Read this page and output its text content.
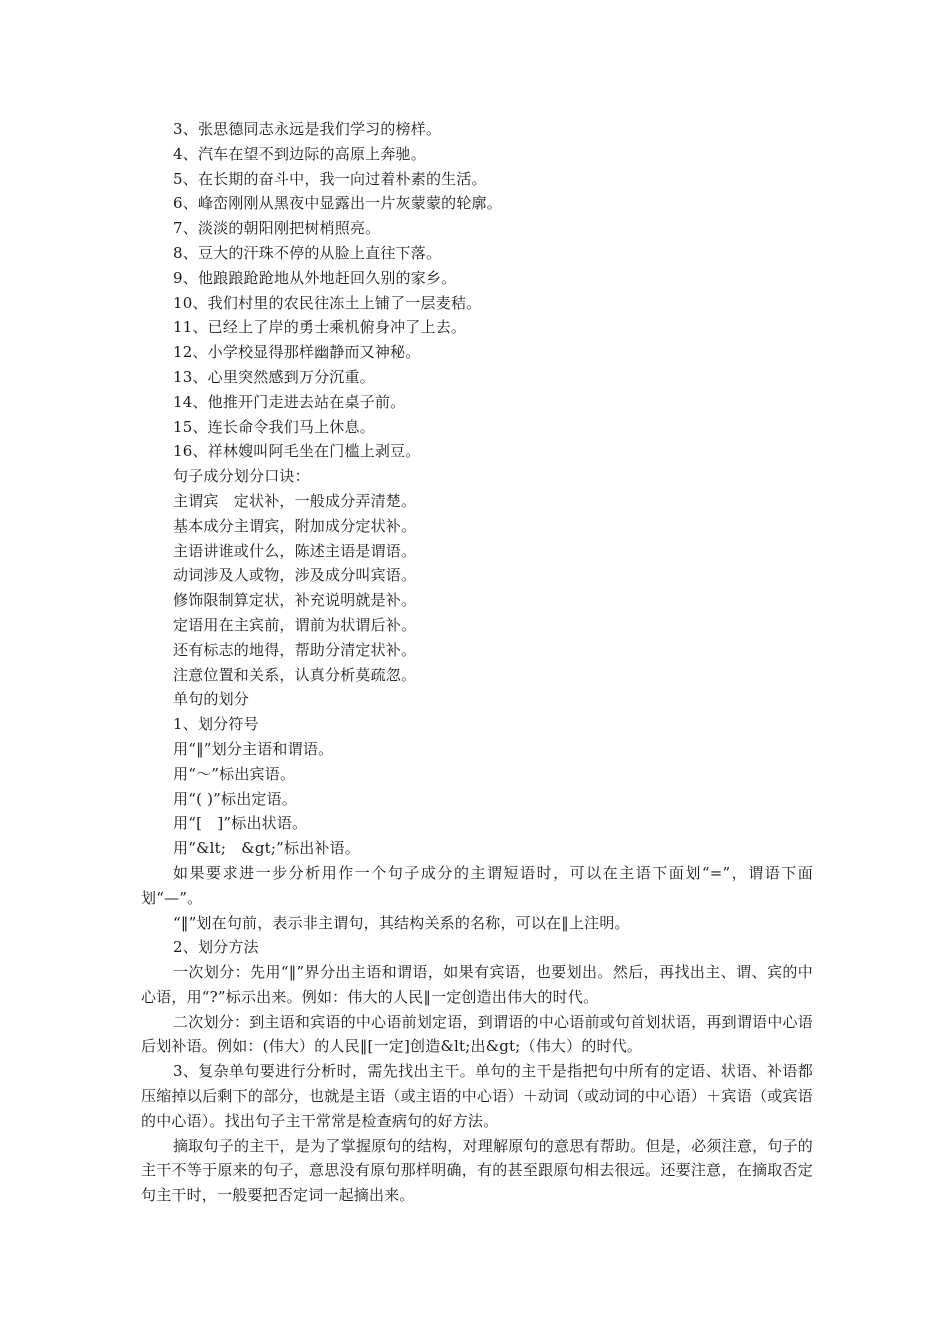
3、张思德同志永远是我们学习的榜样。

4、汽车在望不到边际的高原上奔驰。

5、在长期的奋斗中，我一向过着朴素的生活。

6、峰峦刚刚从黑夜中显露出一片灰蒙蒙的轮廓。

7、淡淡的朝阳刚把树梢照亮。

8、豆大的汗珠不停的从脸上直往下落。

9、他踉踉跄跄地从外地赶回久别的家乡。

10、我们村里的农民往冻土上铺了一层麦秸。

11、已经上了岸的勇士乘机俯身冲了上去。

12、小学校显得那样幽静而又神秘。

13、心里突然感到万分沉重。

14、他推开门走进去站在桌子前。

15、连长命令我们马上休息。

16、祥林嫂叫阿毛坐在门槛上剥豆。

句子成分划分口诀：

主谓宾　定状补，一般成分弄清楚。

基本成分主谓宾，附加成分定状补。

主语讲谁或什么，陈述主语是谓语。

动词涉及人或物，涉及成分叫宾语。

修饰限制算定状，补充说明就是补。

定语用在主宾前，谓前为状谓后补。

还有标志的地得，帮助分清定状补。

注意位置和关系，认真分析莫疏忽。

单句的划分

1、划分符号

用“‖”划分主语和谓语。

用“～”标出宾语。

用“( )”标出定语。

用“[　]”标出状语。

用“&lt;　&gt;”标出补语。

如果要求进一步分析用作一个句子成分的主谓短语时，可以在主语下面划“=”，谓语下面划“—”。

“‖”划在句前，表示非主谓句，其结构关系的名称，可以在‖上注明。

2、划分方法

一次划分：先用“‖”界分出主语和谓语，如果有宾语，也要划出。然后，再找出主、谓、宾的中心语，用“?”标示出来。例如：伟大的人民‖一定创造出伟大的时代。

二次划分：到主语和宾语的中心语前划定语，到谓语的中心语前或句首划状语，再到谓语中心语后划补语。例如：(伟大）的人民‖[一定]创造&lt;出&gt;（伟大）的时代。

3、复杂单句要进行分析时，需先找出主干。单句的主干是指把句中所有的定语、状语、补语都压缩掉以后剩下的部分，也就是主语（或主语的中心语）＋动词（或动词的中心语）＋宾语（或宾语的中心语）。找出句子主干常常是检查病句的好方法。

摘取句子的主干，是为了掌握原句的结构，对理解原句的意思有帮助。但是，必须注意，句子的主干不等于原来的句子，意思没有原句那样明确，有的甚至跟原句相去很远。还要注意，在摘取否定句主干时，一般要把否定词一起摘出来。
